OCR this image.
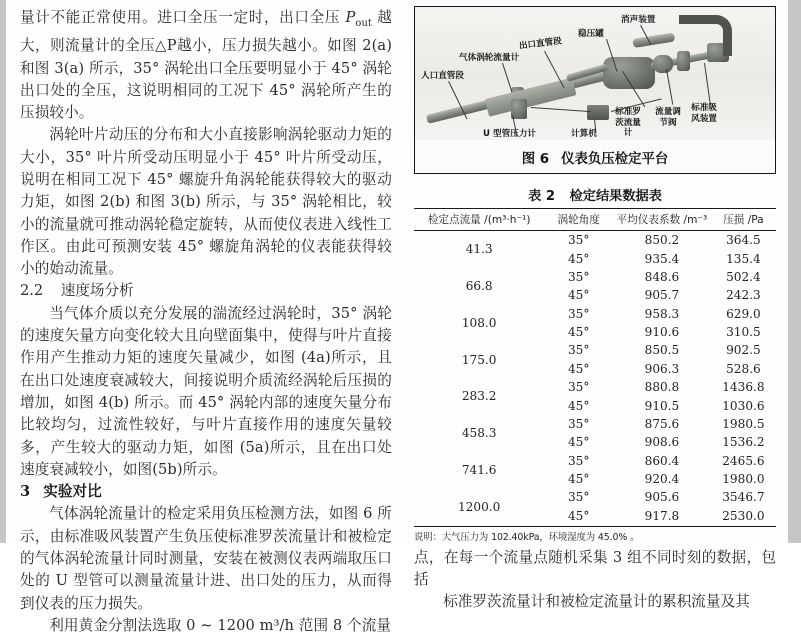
量计不能正常使用。进口全压一定时，出口全压 $P_{out}$ 越大，则流量计的全压△P越小，压力损失越小。如图 2(a) 和图 3(a) 所示，35° 涡轮出口全压要明显小于 45° 涡轮出口处的全压，这说明相同的工况下 45° 涡轮所产生的压损较小。

涡轮叶片动压的分布和大小直接影响涡轮驱动力矩的大小，35° 叶片所受动压明显小于 45° 叶片所受动压，说明在相同工况下 45° 螺旋升角涡轮能获得较大的驱动力矩，如图 2(b) 和图 3(b) 所示，与 35° 涡轮相比，较小的流量就可推动涡轮稳定旋转，从而使仪表进入线性工作区。由此可预测安装 45° 螺旋角涡轮的仪表能获得较小的始动流量。

2.2 速度场分析

当气体介质以充分发展的湍流经过涡轮时，35° 涡轮的速度矢量方向变化较大且向壁面集中，使得与叶片直接作用产生推动力矩的速度矢量减少，如图 (4a)所示，且在出口处速度衰减较大，间接说明介质流经涡轮后压损的增加，如图 4(b) 所示。而 45° 涡轮内部的速度矢量分布比较均匀，过流性较好，与叶片直接作用的速度矢量较多，产生较大的驱动力矩，如图 (5a)所示，且在出口处速度衰减较小，如图(5b)所示。

3 实验对比

气体涡轮流量计的检定采用负压检测方法，如图 6 所示，由标准吸风装置产生负压使标准罗茨流量计和被检定的气体涡轮流量计同时测量，安装在被测仪表两端取压口处的 U 型管可以测量流量计进、出口处的压力，从而得到仪表的压力损失。

利用黄金分割法选取 0 ~ 1200 m³/h 范围 8 个流量

人口直管段
气体涡轮流量计
出口直管段
稳压罐
消声装置
U 型管压力计	计算机
标准罗茨流量计
流量调节阀
标准吸风装置
图 6 仪表负压检定平台
表 2 检定结果数据表
检定点流量 /(m³·h⁻¹)	涡轮角度	平均仪表系数 /m⁻³	压损 /Pa
41.3	35°	850.2	364.5
	45°	935.4	135.4
66.8	35°	848.6	502.4
	45°	905.7	242.3
108.0	35°	958.3	629.0
	45°	910.6	310.5
175.0	35°	850.5	902.5
	45°	906.3	528.6
283.2	35°	880.8	1436.8
	45°	910.5	1030.6
458.3	35°	875.6	1980.5
	45°	908.6	1536.2
741.6	35°	860.4	2465.6
	45°	920.4	1980.0
1200.0	35°	905.6	3546.7
	45°	917.8	2530.0
说明：大气压力为 102.40kPa，环境湿度为 45.0% 。

点，在每一个流量点随机采集 3 组不同时刻的数据，包括

标准罗茨流量计和被检定流量计的累积流量及其
